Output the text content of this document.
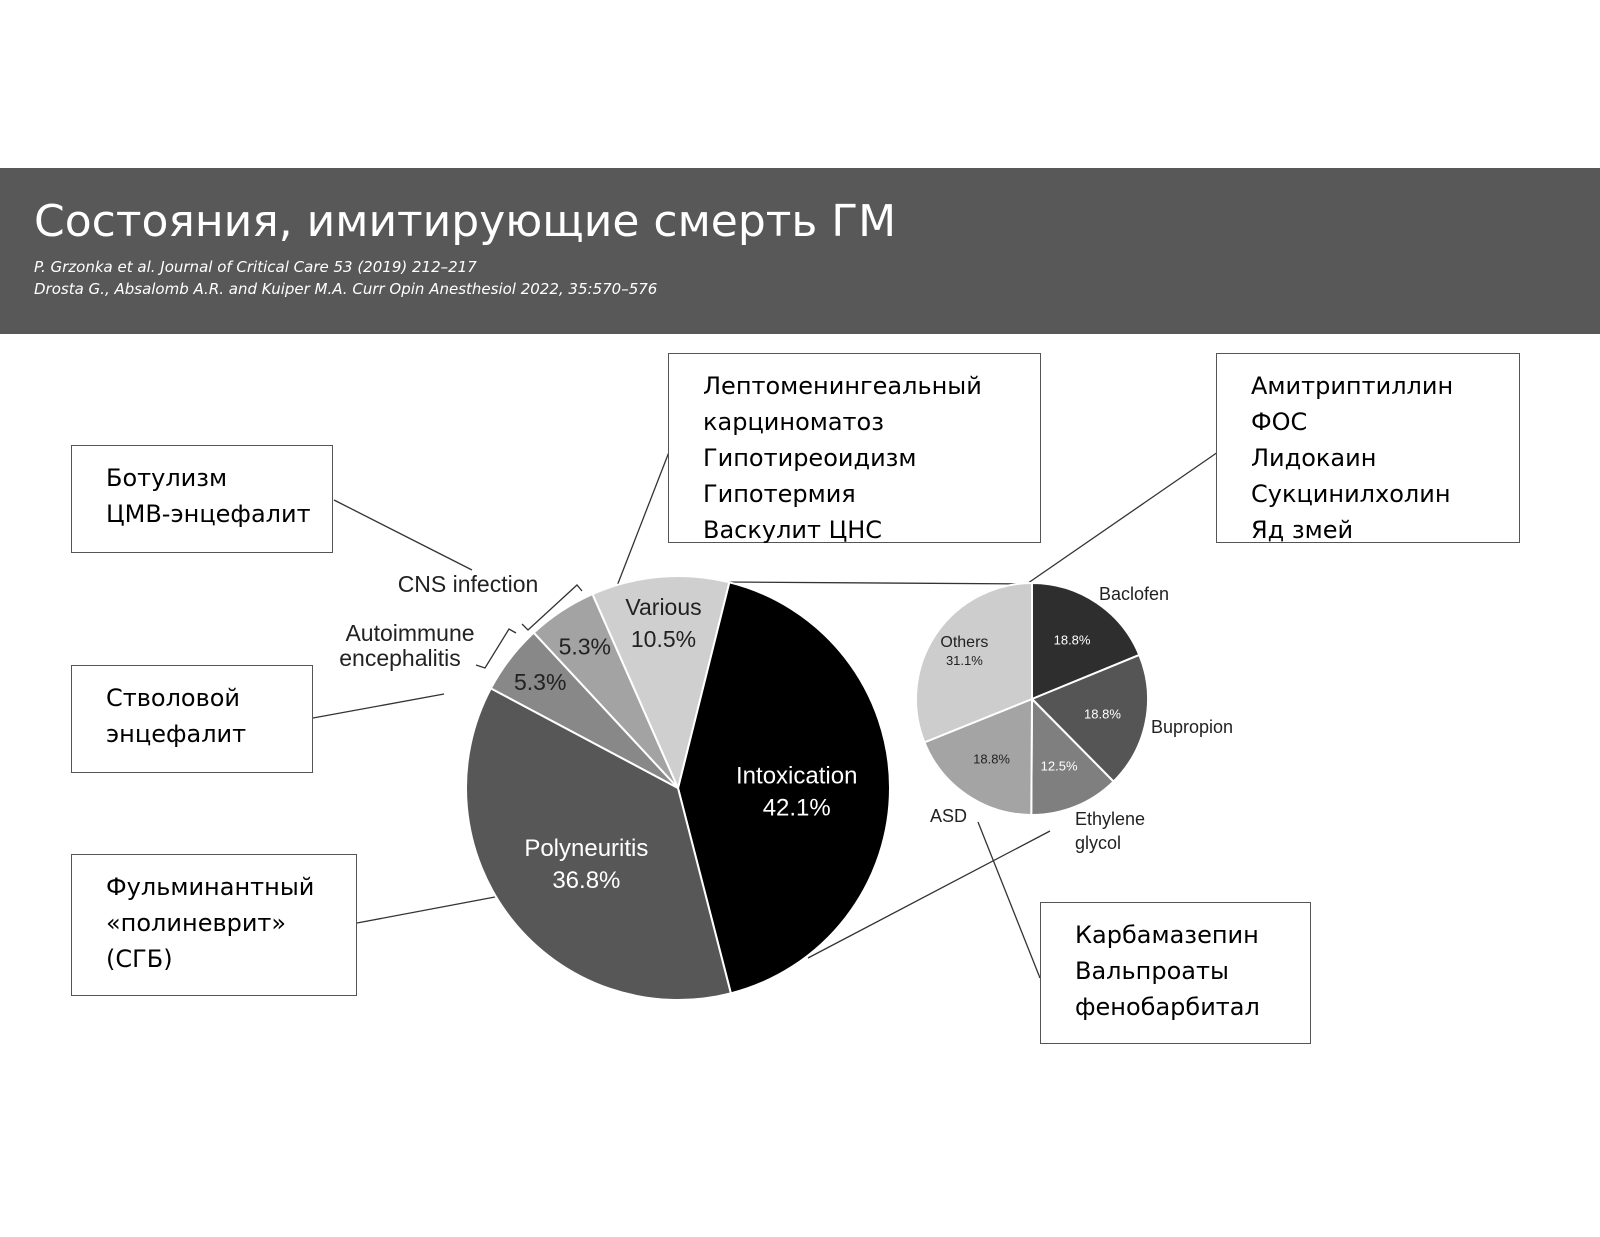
Состояния, имитирующие смерть ГМ
P. Grzonka et al. Journal of Critical Care 53 (2019) 212–217
Drosta G., Absalomb A.R. and Kuiper M.A. Curr Opin Anesthesiol 2022, 35:570–576
Intoxication
42.1%
Polyneuritis
36.8%
5.3%
5.3%
Various
10.5%
CNS infection
Autoimmune
encephalitis
18.8%
18.8%
12.5%
18.8%
Others
31.1%
Baclofen
Bupropion
Ethylene
glycol
ASD
Ботулизм
ЦМВ-энцефалит
Стволовой
энцефалит
Фульминантный
«полиневрит»
(СГБ)
Лептоменингеальный
карциноматоз
Гипотиреоидизм
Гипотермия
Васкулит ЦНС
Амитриптиллин
ФОС
Лидокаин
Сукцинилхолин
Яд змей
Карбамазепин
Вальпроаты
фенобарбитал
